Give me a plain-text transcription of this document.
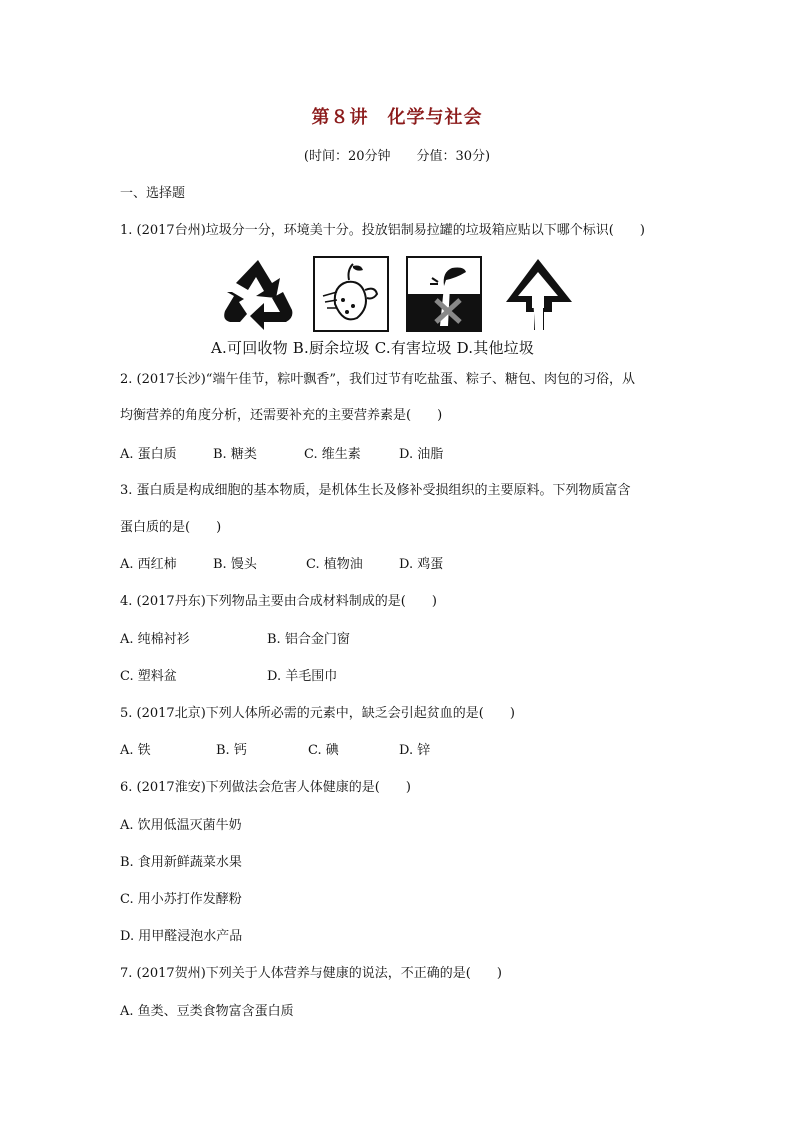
第８讲　化学与社会
(时间：20分钟　　分值：30分)
一、选择题
1. (2017台州)垃圾分一分，环境美十分。投放铝制易拉罐的垃圾箱应贴以下哪个标识(　　)
A.可回收物 B.厨余垃圾 C.有害垃圾 D.其他垃圾
2. (2017长沙)“端午佳节，粽叶飘香”，我们过节有吃盐蛋、粽子、糖包、肉包的习俗，从
均衡营养的角度分析，还需要补充的主要营养素是(　　)
A. 蛋白质	B. 糖类	C. 维生素	D. 油脂
3. 蛋白质是构成细胞的基本物质，是机体生长及修补受损组织的主要原料。下列物质富含
蛋白质的是(　　)
A. 西红柿	B. 馒头	C. 植物油	D. 鸡蛋
4. (2017丹东)下列物品主要由合成材料制成的是(　　)
A. 纯棉衬衫	B. 铝合金门窗
C. 塑料盆	D. 羊毛围巾
5. (2017北京)下列人体所必需的元素中，缺乏会引起贫血的是(　　)
A. 铁	B. 钙	C. 碘	D. 锌
6. (2017淮安)下列做法会危害人体健康的是(　　)
A. 饮用低温灭菌牛奶
B. 食用新鲜蔬菜水果
C. 用小苏打作发酵粉
D. 用甲醛浸泡水产品
7. (2017贺州)下列关于人体营养与健康的说法，不正确的是(　　)
A. 鱼类、豆类食物富含蛋白质
